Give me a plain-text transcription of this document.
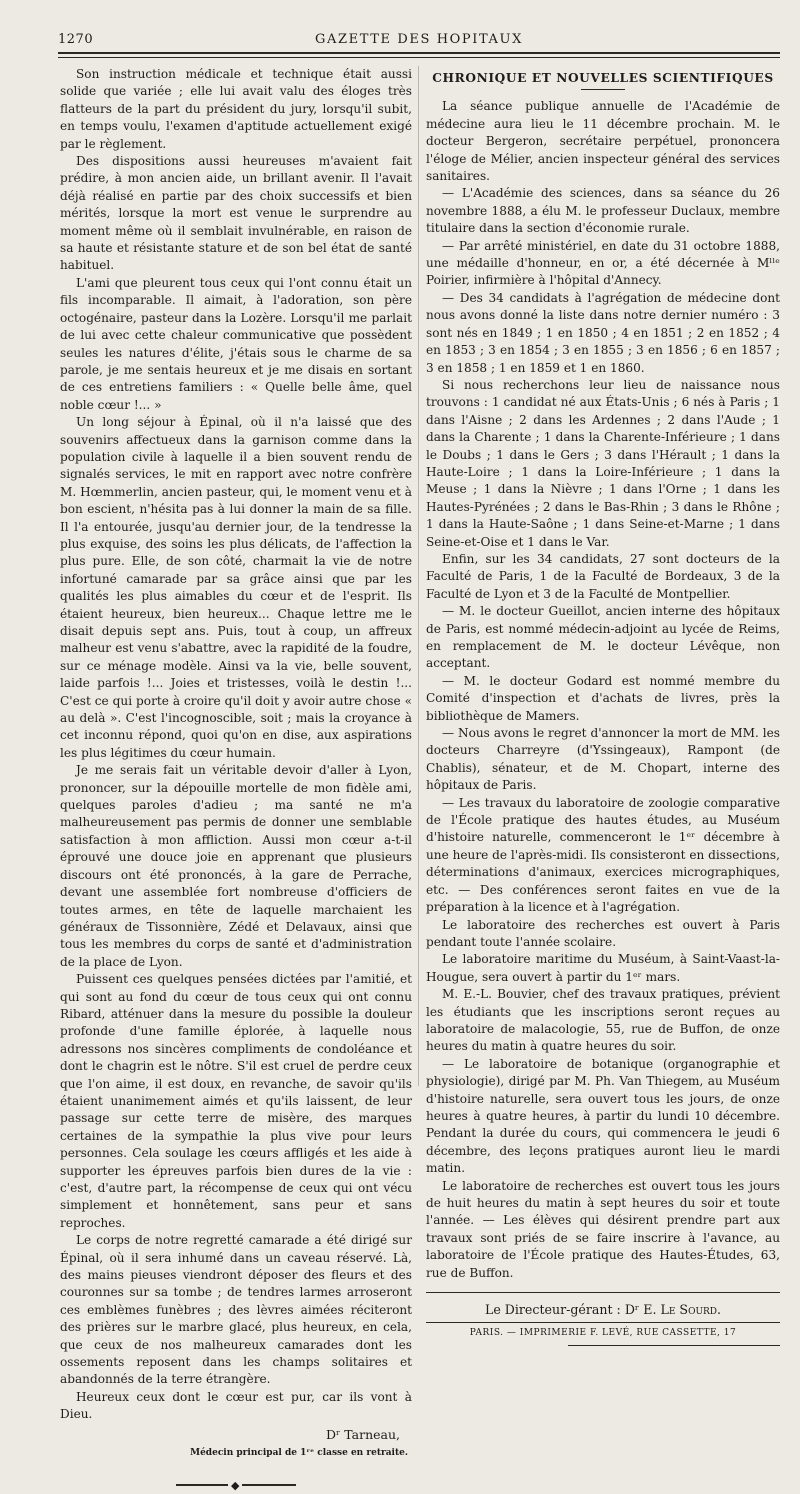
1270	GAZETTE DES HOPITAUX

Son instruction médicale et technique était aussi solide que variée ; elle lui avait valu des éloges très flatteurs de la part du président du jury, lorsqu'il subit, en temps voulu, l'examen d'aptitude actuellement exigé par le règlement.

Des dispositions aussi heureuses m'avaient fait prédire, à mon ancien aide, un brillant avenir. Il l'avait déjà réalisé en partie par des choix successifs et bien mérités, lorsque la mort est venue le surprendre au moment même où il semblait invulnérable, en raison de sa haute et résistante stature et de son bel état de santé habituel.

L'ami que pleurent tous ceux qui l'ont connu était un fils incomparable. Il aimait, à l'adoration, son père octogénaire, pasteur dans la Lozère. Lorsqu'il me parlait de lui avec cette chaleur communicative que possèdent seules les natures d'élite, j'étais sous le charme de sa parole, je me sentais heureux et je me disais en sortant de ces entretiens familiers : « Quelle belle âme, quel noble cœur !... »

Un long séjour à Épinal, où il n'a laissé que des souvenirs affectueux dans la garnison comme dans la population civile à laquelle il a bien souvent rendu de signalés services, le mit en rapport avec notre confrère M. Hœmmerlin, ancien pasteur, qui, le moment venu et à bon escient, n'hésita pas à lui donner la main de sa fille. Il l'a entourée, jusqu'au dernier jour, de la tendresse la plus exquise, des soins les plus délicats, de l'affection la plus pure. Elle, de son côté, charmait la vie de notre infortuné camarade par sa grâce ainsi que par les qualités les plus aimables du cœur et de l'esprit. Ils étaient heureux, bien heureux... Chaque lettre me le disait depuis sept ans. Puis, tout à coup, un affreux malheur est venu s'abattre, avec la rapidité de la foudre, sur ce ménage modèle. Ainsi va la vie, belle souvent, laide parfois !... Joies et tristesses, voilà le destin !... C'est ce qui porte à croire qu'il doit y avoir autre chose « au delà ». C'est l'incognoscible, soit ; mais la croyance à cet inconnu répond, quoi qu'on en dise, aux aspirations les plus légitimes du cœur humain.

Je me serais fait un véritable devoir d'aller à Lyon, prononcer, sur la dépouille mortelle de mon fidèle ami, quelques paroles d'adieu ; ma santé ne m'a malheureusement pas permis de donner une semblable satisfaction à mon affliction. Aussi mon cœur a-t-il éprouvé une douce joie en apprenant que plusieurs discours ont été prononcés, à la gare de Perrache, devant une assemblée fort nombreuse d'officiers de toutes armes, en tête de laquelle marchaient les généraux de Tissonnière, Zédé et Delavaux, ainsi que tous les membres du corps de santé et d'administration de la place de Lyon.

Puissent ces quelques pensées dictées par l'amitié, et qui sont au fond du cœur de tous ceux qui ont connu Ribard, atténuer dans la mesure du possible la douleur profonde d'une famille éplorée, à laquelle nous adressons nos sincères compliments de condoléance et dont le chagrin est le nôtre. S'il est cruel de perdre ceux que l'on aime, il est doux, en revanche, de savoir qu'ils étaient unanimement aimés et qu'ils laissent, de leur passage sur cette terre de misère, des marques certaines de la sympathie la plus vive pour leurs personnes. Cela soulage les cœurs affligés et les aide à supporter les épreuves parfois bien dures de la vie : c'est, d'autre part, la récompense de ceux qui ont vécu simplement et honnêtement, sans peur et sans reproches.

Le corps de notre regretté camarade a été dirigé sur Épinal, où il sera inhumé dans un caveau réservé. Là, des mains pieuses viendront déposer des fleurs et des couronnes sur sa tombe ; de tendres larmes arroseront ces emblèmes funèbres ; des lèvres aimées réciteront des prières sur le marbre glacé, plus heureux, en cela, que ceux de nos malheureux camarades dont les ossements reposent dans les champs solitaires et abandonnés de la terre étrangère.

Heureux ceux dont le cœur est pur, car ils vont à Dieu.

Dʳ Tarneau,
Médecin principal de 1ʳᵉ classe en retraite.
◆
CHRONIQUE ET NOUVELLES SCIENTIFIQUES

La séance publique annuelle de l'Académie de médecine aura lieu le 11 décembre prochain. M. le docteur Bergeron, secrétaire perpétuel, prononcera l'éloge de Mélier, ancien inspecteur général des services sanitaires.

— L'Académie des sciences, dans sa séance du 26 novembre 1888, a élu M. le professeur Duclaux, membre titulaire dans la section d'économie rurale.

— Par arrêté ministériel, en date du 31 octobre 1888, une médaille d'honneur, en or, a été décernée à Mˡˡᵉ Poirier, infirmière à l'hôpital d'Annecy.

— Des 34 candidats à l'agrégation de médecine dont nous avons donné la liste dans notre dernier numéro : 3 sont nés en 1849 ; 1 en 1850 ; 4 en 1851 ; 2 en 1852 ; 4 en 1853 ; 3 en 1854 ; 3 en 1855 ; 3 en 1856 ; 6 en 1857 ; 3 en 1858 ; 1 en 1859 et 1 en 1860.

Si nous recherchons leur lieu de naissance nous trouvons : 1 candidat né aux États-Unis ; 6 nés à Paris ; 1 dans l'Aisne ; 2 dans les Ardennes ; 2 dans l'Aude ; 1 dans la Charente ; 1 dans la Charente-Inférieure ; 1 dans le Doubs ; 1 dans le Gers ; 3 dans l'Hérault ; 1 dans la Haute-Loire ; 1 dans la Loire-Inférieure ; 1 dans la Meuse ; 1 dans la Nièvre ; 1 dans l'Orne ; 1 dans les Hautes-Pyrénées ; 2 dans le Bas-Rhin ; 3 dans le Rhône ; 1 dans la Haute-Saône ; 1 dans Seine-et-Marne ; 1 dans Seine-et-Oise et 1 dans le Var.

Enfin, sur les 34 candidats, 27 sont docteurs de la Faculté de Paris, 1 de la Faculté de Bordeaux, 3 de la Faculté de Lyon et 3 de la Faculté de Montpellier.

— M. le docteur Gueillot, ancien interne des hôpitaux de Paris, est nommé médecin-adjoint au lycée de Reims, en remplacement de M. le docteur Lévêque, non acceptant.

— M. le docteur Godard est nommé membre du Comité d'inspection et d'achats de livres, près la bibliothèque de Mamers.

— Nous avons le regret d'annoncer la mort de MM. les docteurs Charreyre (d'Yssingeaux), Rampont (de Chablis), sénateur, et de M. Chopart, interne des hôpitaux de Paris.

— Les travaux du laboratoire de zoologie comparative de l'École pratique des hautes études, au Muséum d'histoire naturelle, commenceront le 1ᵉʳ décembre à une heure de l'après-midi. Ils consisteront en dissections, déterminations d'animaux, exercices micrographiques, etc. — Des conférences seront faites en vue de la préparation à la licence et à l'agrégation.

Le laboratoire des recherches est ouvert à Paris pendant toute l'année scolaire.

Le laboratoire maritime du Muséum, à Saint-Vaast-la-Hougue, sera ouvert à partir du 1ᵉʳ mars.

M. E.-L. Bouvier, chef des travaux pratiques, prévient les étudiants que les inscriptions seront reçues au laboratoire de malacologie, 55, rue de Buffon, de onze heures du matin à quatre heures du soir.

— Le laboratoire de botanique (organographie et physiologie), dirigé par M. Ph. Van Thiegem, au Muséum d'histoire naturelle, sera ouvert tous les jours, de onze heures à quatre heures, à partir du lundi 10 décembre. Pendant la durée du cours, qui commencera le jeudi 6 décembre, des leçons pratiques auront lieu le mardi matin.

Le laboratoire de recherches est ouvert tous les jours de huit heures du matin à sept heures du soir et toute l'année. — Les élèves qui désirent prendre part aux travaux sont priés de se faire inscrire à l'avance, au laboratoire de l'École pratique des Hautes-Études, 63, rue de Buffon.

Le Directeur-gérant : Dʳ E. Le Sourd.
PARIS. — IMPRIMERIE F. LEVÉ, RUE CASSETTE, 17
